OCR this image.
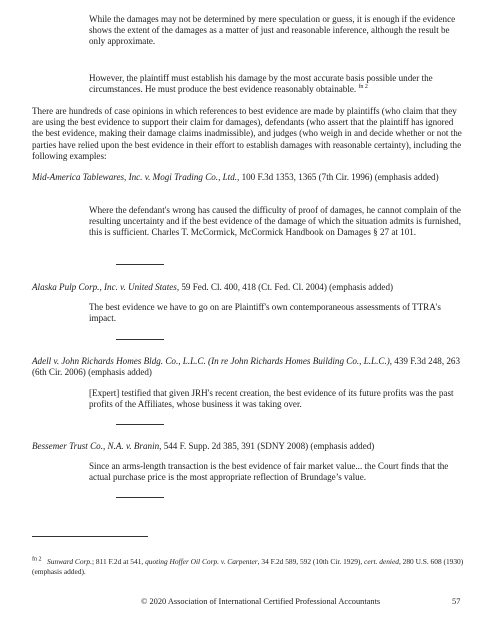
While the damages may not be determined by mere speculation or guess, it is enough if the evidence shows the extent of the damages as a matter of just and reasonable inference, although the result be only approximate.

However, the plaintiff must establish his damage by the most accurate basis possible under the circumstances. He must produce the best evidence reasonably obtainable. $^{fn 2}$

There are hundreds of case opinions in which references to best evidence are made by plaintiffs (who claim that they are using the best evidence to support their claim for damages), defendants (who assert that the plaintiff has ignored the best evidence, making their damage claims inadmissible), and judges (who weigh in and decide whether or not the parties have relied upon the best evidence in their effort to establish damages with reasonable certainty), including the following examples:

Mid-America Tablewares, Inc. v. Mogi Trading Co., Ltd., 100 F.3d 1353, 1365 (7th Cir. 1996) (emphasis added)

Where the defendant's wrong has caused the difficulty of proof of damages, he cannot complain of the resulting uncertainty and if the best evidence of the damage of which the situation admits is furnished, this is sufficient. Charles T. McCormick, McCormick Handbook on Damages § 27 at 101.

Alaska Pulp Corp., Inc. v. United States, 59 Fed. Cl. 400, 418 (Ct. Fed. Cl. 2004) (emphasis added)

The best evidence we have to go on are Plaintiff's own contemporaneous assessments of TTRA's impact.

Adell v. John Richards Homes Bldg. Co., L.L.C. (In re John Richards Homes Building Co., L.L.C.), 439 F.3d 248, 263 (6th Cir. 2006) (emphasis added)

[Expert] testified that given JRH's recent creation, the best evidence of its future profits was the past profits of the Affiliates, whose business it was taking over.

Bessemer Trust Co., N.A. v. Branin, 544 F. Supp. 2d 385, 391 (SDNY 2008) (emphasis added)

Since an arms-length transaction is the best evidence of fair market value... the Court finds that the actual purchase price is the most appropriate reflection of Brundage’s value.

$^{fn 2}$ Sunward Corp.; 811 F.2d at 541, quoting Hoffer Oil Corp. v. Carpenter, 34 F.2d 589, 592 (10th Cir. 1929), cert. denied, 280 U.S. 608 (1930) (emphasis added).

© 2020 Association of International Certified Professional Accountants	57
